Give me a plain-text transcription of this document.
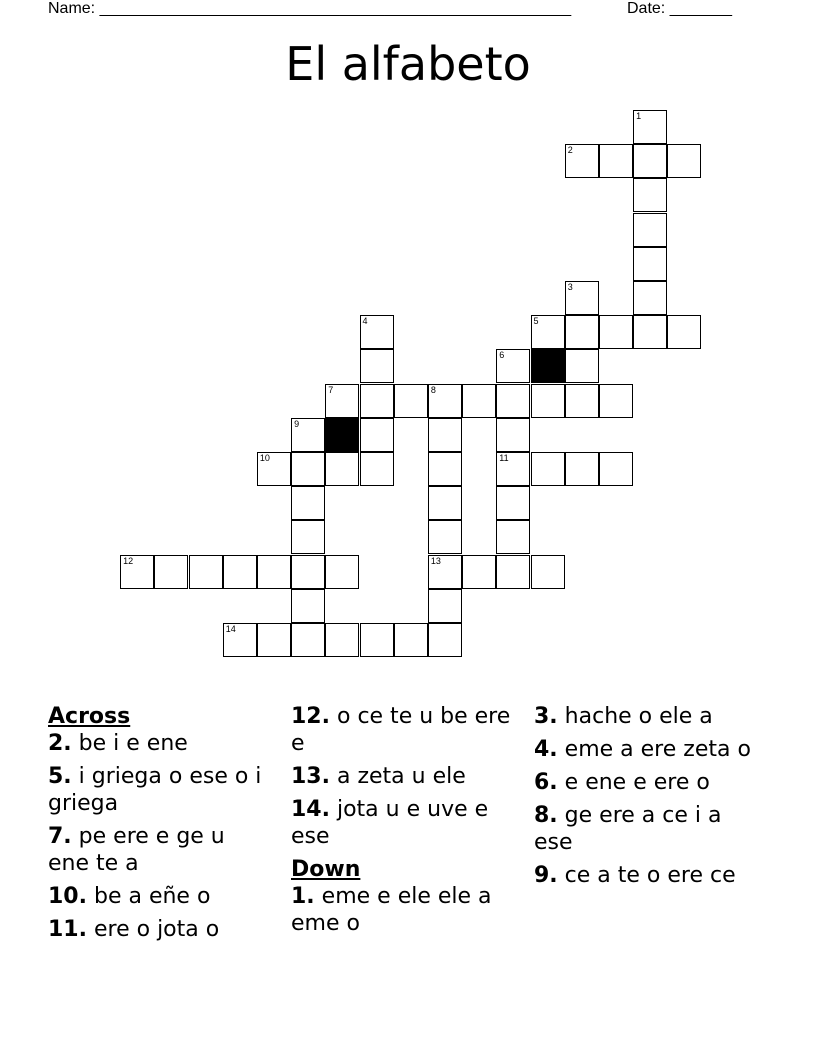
Name: _____________________________________________________	Date: _______
El alfabeto
2
5
7	8
10	11
12	13
14
1
3
4
6
9
Across
2. be i e ene
5. i griega o ese o i griega
7. pe ere e ge u ene te a
10. be a eñe o
11. ere o jota o
12. o ce te u be ere e
13. a zeta u ele
14. jota u e uve e ese
Down
1. eme e ele ele a eme o
3. hache o ele a
4. eme a ere zeta o
6. e ene e ere o
8. ge ere a ce i a ese
9. ce a te o ere ce
